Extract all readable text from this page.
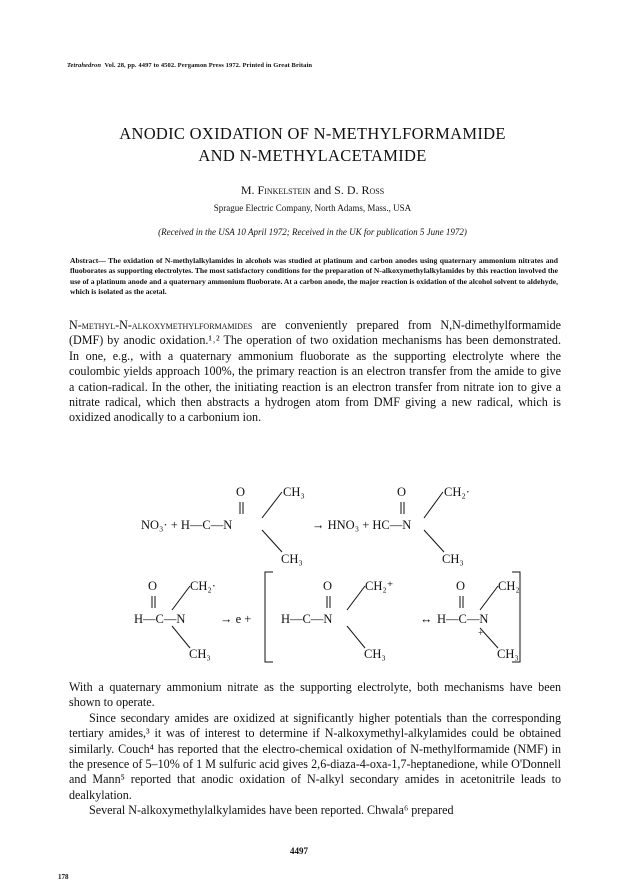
Tetrahedron Vol. 28, pp. 4497 to 4502. Pergamon Press 1972. Printed in Great Britain
ANODIC OXIDATION OF N-METHYLFORMAMIDE
AND N-METHYLACETAMIDE
M. Finkelstein and S. D. Ross
Sprague Electric Company, North Adams, Mass., USA
(Received in the USA 10 April 1972; Received in the UK for publication 5 June 1972)
Abstract— The oxidation of N-methylalkylamides in alcohols was studied at platinum and carbon anodes using quaternary ammonium nitrates and fluoborates as supporting electrolytes. The most satisfactory conditions for the preparation of N-alkoxymethylalkylamides by this reaction involved the use of a platinum anode and a quaternary ammonium fluoborate. At a carbon anode, the major reaction is oxidation of the alcohol solvent to aldehyde, which is isolated as the acetal.

N-methyl-N-alkoxymethylformamides are conveniently prepared from N,N-dimethylformamide (DMF) by anodic oxidation.¹˒² The operation of two oxidation mechanisms has been demonstrated. In one, e.g., with a quaternary ammonium fluoborate as the supporting electrolyte where the coulombic yields approach 100%, the primary reaction is an electron transfer from the amide to give a cation-radical. In the other, the initiating reaction is an electron transfer from nitrate ion to give a nitrate radical, which then abstracts a hydrogen atom from DMF giving a new radical, which is oxidized anodically to a carbonium ion.

O	CH₃
NO₃· + H—C—N
CH₃
→ HNO₃ + HC—N
O	CH₂·
CH₃
O	CH₂·
H—C—N
CH₃
→ e +
O	CH₂⁺
H—C—N
CH₃
↔
O	CH₂
H—C—N
+
CH₃

With a quaternary ammonium nitrate as the supporting electrolyte, both mechanisms have been shown to operate.

Since secondary amides are oxidized at significantly higher potentials than the corresponding tertiary amides,³ it was of interest to determine if N-alkoxymethyl-alkylamides could be obtained similarly. Couch⁴ has reported that the electro-chemical oxidation of N-methylformamide (NMF) in the presence of 5–10% of 1 M sulfuric acid gives 2,6-diaza-4-oxa-1,7-heptanedione, while O'Donnell and Mann⁵ reported that anodic oxidation of N-alkyl secondary amides in acetonitrile leads to dealkylation.

Several N-alkoxymethylalkylamides have been reported. Chwala⁶ prepared

4497
178
